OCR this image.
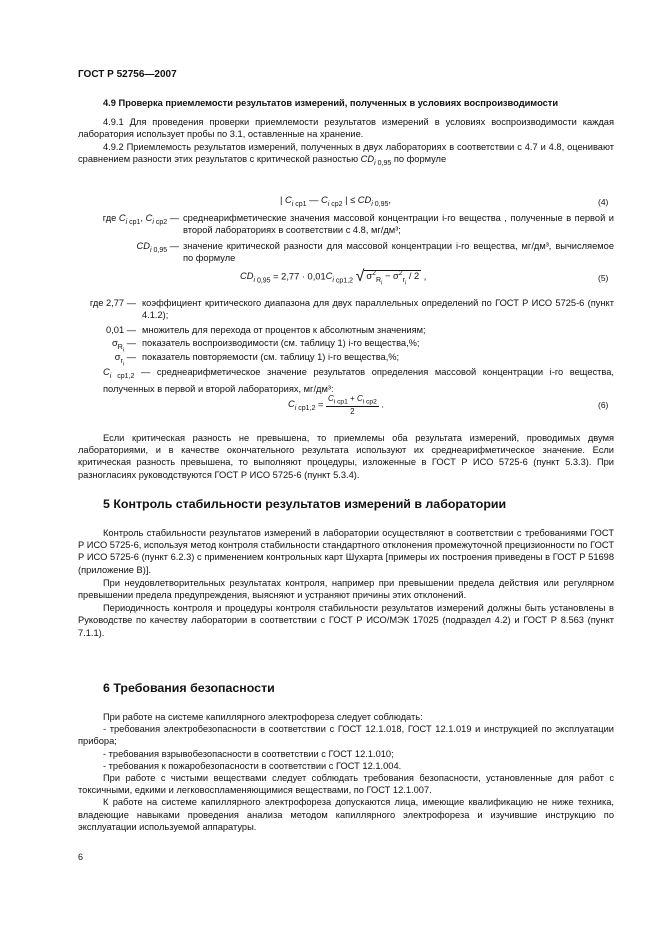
ГОСТ Р 52756—2007

4.9 Проверка приемлемости результатов измерений, полученных в условиях воспроизводимости

4.9.1 Для проведения проверки приемлемости результатов измерений в условиях воспроизводимости каждая лаборатория использует пробы по 3.1, оставленные на хранение.

4.9.2 Приемлемость результатов измерений, полученных в двух лабораториях в соответствии с 4.7 и 4.8, оценивают сравнением разности этих результатов с критической разностью $CD_i$ $_{0,95}$ по формуле

| $C_i$ $_{ср1}$ — $C_i$ $_{ср2}$ | ≤ $CD_i$ $_{0,95}$,	(4)
где $C_i$ $_{ср1}$, $C_i$ $_{ср2}$ — среднеарифметические значения массовой концентрации i-го вещества , полученные в первой и второй лабораториях в соответствии с 4.8, мг/дм³;
$CD_i$ $_{0,95}$ — значение критической разности для массовой концентрации i-го вещества, мг/дм³, вычисляемое по формуле
$CD_i$ $_{0,95} = 2,77 \cdot 0,01C_i$ $_{ср1,2}$ √ $\sigma^2_{R_i} - \sigma^2_{r_i} / 2$ ,	(5)
где 2,77 — коэффициент критического диапазона для двух параллельных определений по ГОСТ Р ИСО 5725-6 (пункт 4.1.2);
0,01 — множитель для перехода от процентов к абсолютным значениям;
$\sigma_{R_i}$ — показатель воспроизводимости (см. таблицу 1) i-го вещества,%;
$\sigma_{r_i}$ — показатель повторяемости (см. таблицу 1) i-го вещества,%;
$C_i$ $_{ср1,2}$ — среднеарифметическое значение результатов определения массовой концентрации i-го вещества, полученных в первой и второй лабораториях, мг/дм³:
$C_i$ $_{ср1,2} = \frac{C_{i ср1} + C_{i ср2}}{2}$ .	(6)

Если критическая разность не превышена, то приемлемы оба результата измерений, проводимых двумя лабораториями, и в качестве окончательного результата используют их среднеарифметическое значение. Если критическая разность превышена, то выполняют процедуры, изложенные в ГОСТ Р ИСО 5725-6 (пункт 5.3.3). При разногласиях руководствуются ГОСТ Р ИСО 5725-6 (пункт 5.3.4).

5 Контроль стабильности результатов измерений в лаборатории

Контроль стабильности результатов измерений в лаборатории осуществляют в соответствии с требованиями ГОСТ Р ИСО 5725-6, используя метод контроля стабильности стандартного отклонения промежуточной прецизионности по ГОСТ Р ИСО 5725-6 (пункт 6.2.3) с применением контрольных карт Шухарта [примеры их построения приведены в ГОСТ Р 51698 (приложение В)].

При неудовлетворительных результатах контроля, например при превышении предела действия или регулярном превышении предела предупреждения, выясняют и устраняют причины этих отклонений.

Периодичность контроля и процедуры контроля стабильности результатов измерений должны быть установлены в Руководстве по качеству лаборатории в соответствии с ГОСТ Р ИСО/МЭК 17025 (подраздел 4.2) и ГОСТ Р 8.563 (пункт 7.1.1).

6 Требования безопасности

При работе на системе капиллярного электрофореза следует соблюдать:

- требования электробезопасности в соответствии с ГОСТ 12.1.018, ГОСТ 12.1.019 и инструкцией по эксплуатации прибора;

- требования взрывобезопасности в соответствии с ГОСТ 12.1.010;

- требования к пожаробезопасности в соответствии с ГОСТ 12.1.004.

При работе с чистыми веществами следует соблюдать требования безопасности, установленные для работ с токсичными, едкими и легковоспламеняющимися веществами, по ГОСТ 12.1.007.

К работе на системе капиллярного электрофореза допускаются лица, имеющие квалификацию не ниже техника, владеющие навыками проведения анализа методом капиллярного электрофореза и изучившие инструкцию по эксплуатации используемой аппаратуры.

6
